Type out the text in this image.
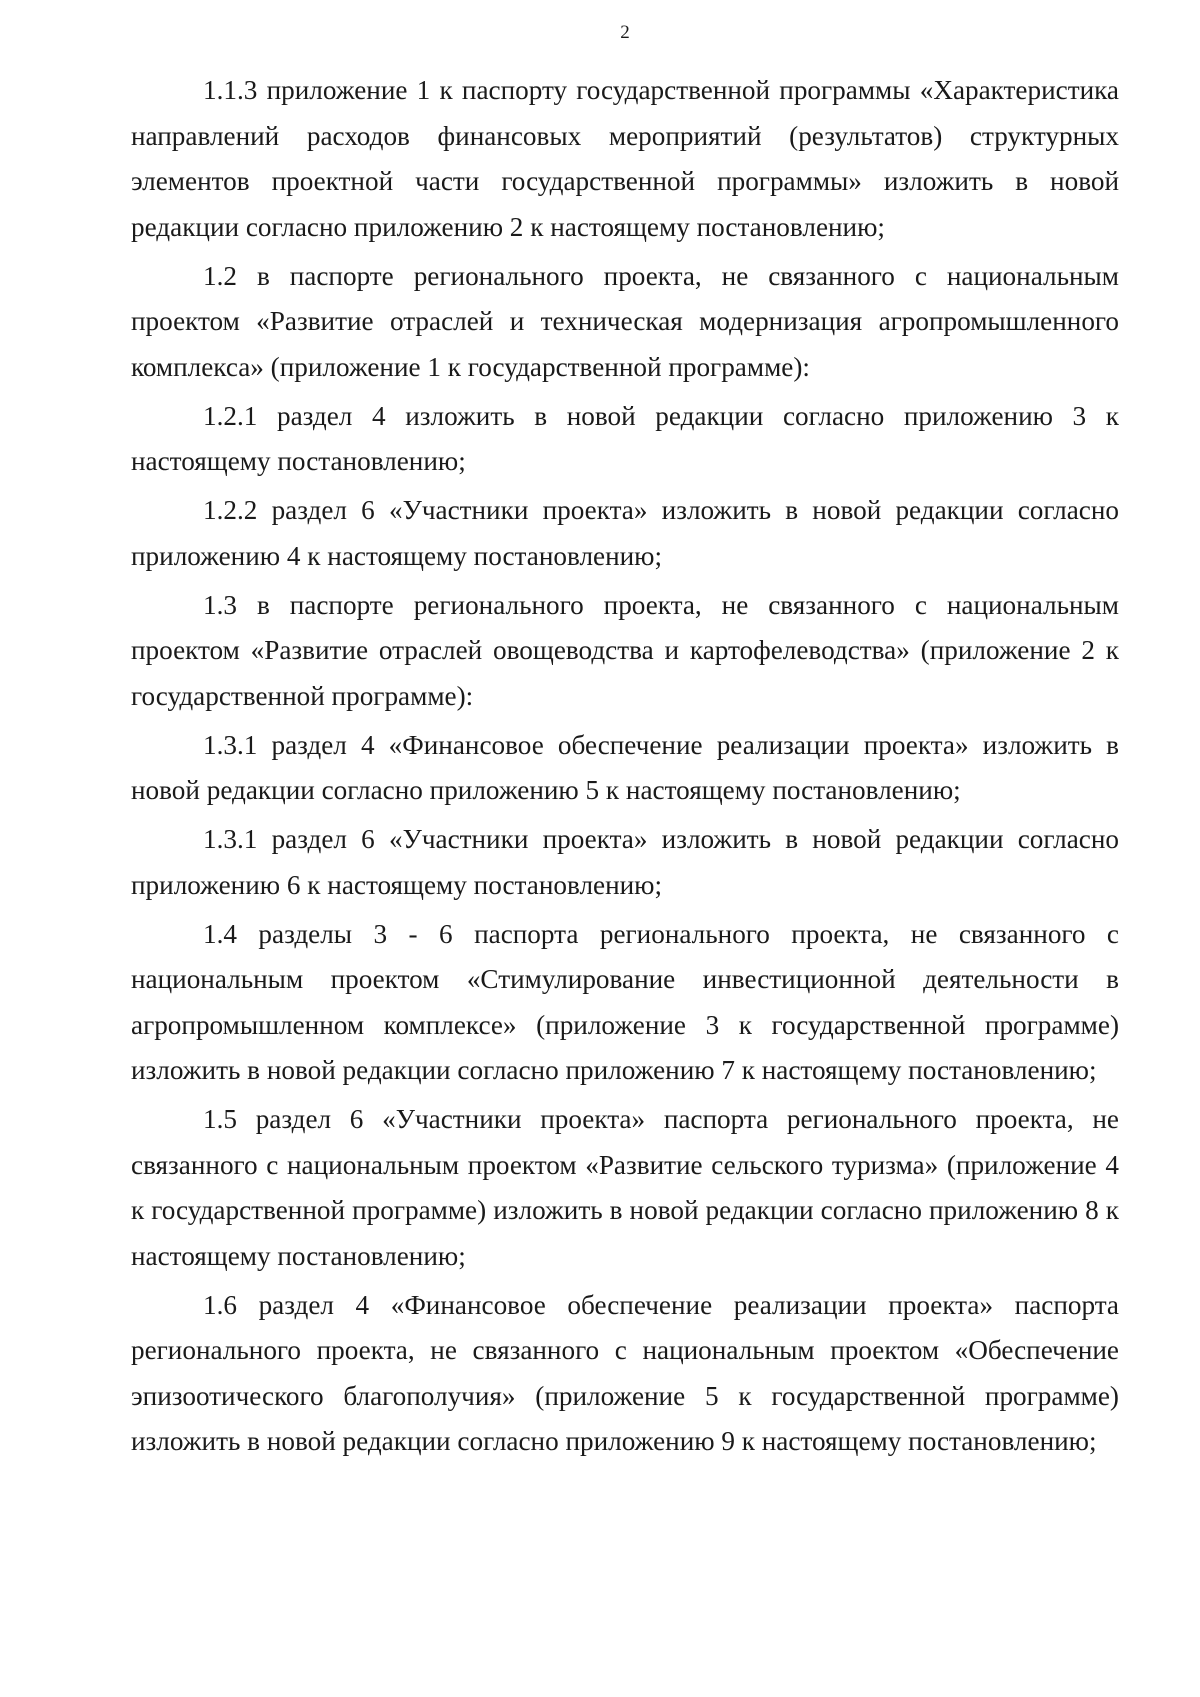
2

1.1.3 приложение 1 к паспорту государственной программы «Характеристика направлений расходов финансовых мероприятий (результатов) структурных элементов проектной части государственной программы» изложить в новой редакции согласно приложению 2 к настоящему постановлению;

1.2 в паспорте регионального проекта, не связанного с национальным проектом «Развитие отраслей и техническая модернизация агропромышленного комплекса» (приложение 1 к государственной программе):

1.2.1 раздел 4 изложить в новой редакции согласно приложению 3 к настоящему постановлению;

1.2.2 раздел 6 «Участники проекта» изложить в новой редакции согласно приложению 4 к настоящему постановлению;

1.3 в паспорте регионального проекта, не связанного с национальным проектом «Развитие отраслей овощеводства и картофелеводства» (приложение 2 к государственной программе):

1.3.1 раздел 4 «Финансовое обеспечение реализации проекта» изложить в новой редакции согласно приложению 5 к настоящему постановлению;

1.3.1 раздел 6 «Участники проекта» изложить в новой редакции согласно приложению 6 к настоящему постановлению;

1.4 разделы 3 - 6 паспорта регионального проекта, не связанного с национальным проектом «Стимулирование инвестиционной деятельности в агропромышленном комплексе» (приложение 3 к государственной программе) изложить в новой редакции согласно приложению 7 к настоящему постановлению;

1.5 раздел 6 «Участники проекта» паспорта регионального проекта, не связанного с национальным проектом «Развитие сельского туризма» (приложение 4 к государственной программе) изложить в новой редакции согласно приложению 8 к настоящему постановлению;

1.6 раздел 4 «Финансовое обеспечение реализации проекта» паспорта регионального проекта, не связанного с национальным проектом «Обеспечение эпизоотического благополучия» (приложение 5 к государственной программе) изложить в новой редакции согласно приложению 9 к настоящему постановлению;
